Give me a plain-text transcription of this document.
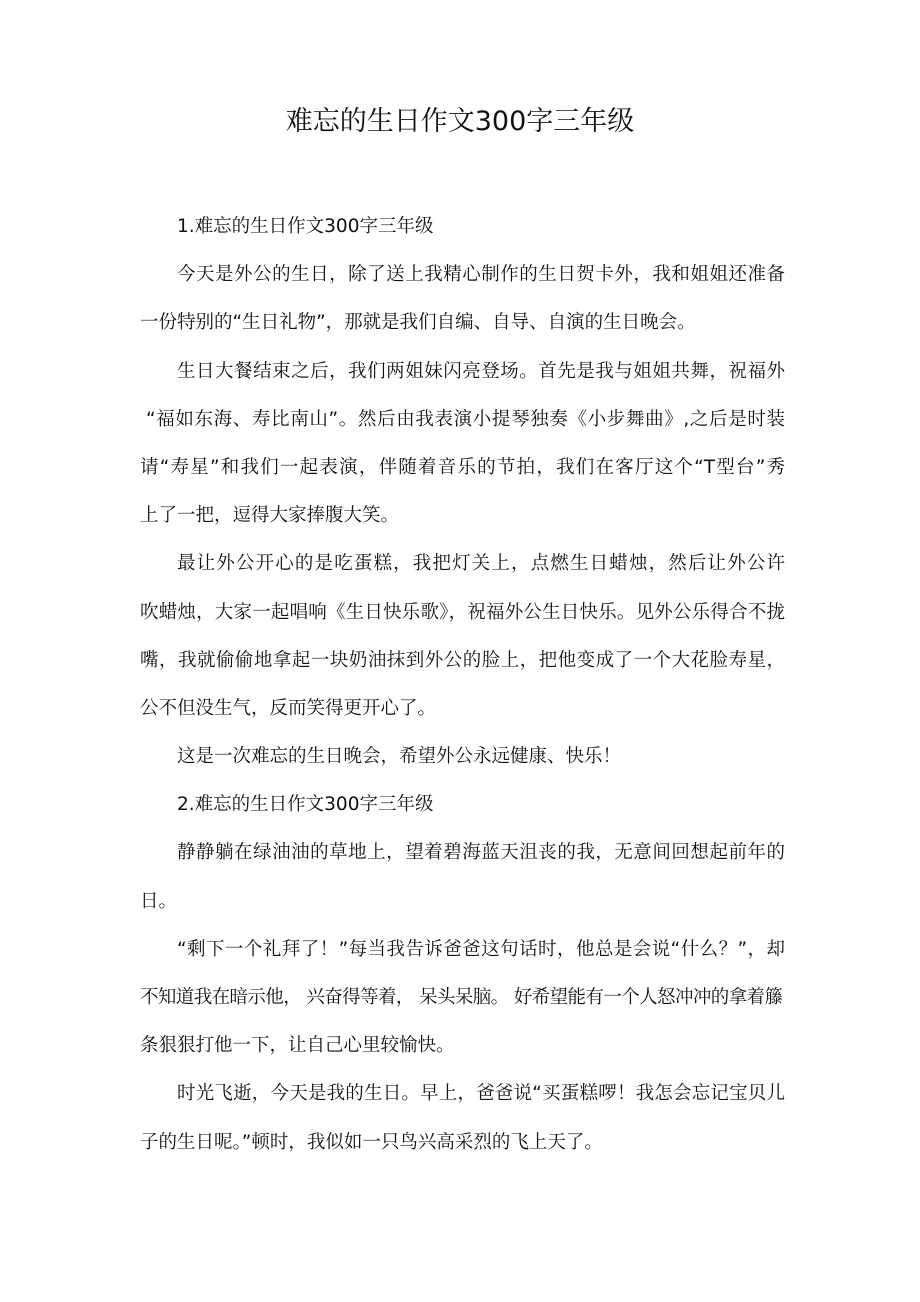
难忘的生日作文300字三年级
1.难忘的生日作文300字三年级
今天是外公的生日，除了送上我精心制作的生日贺卡外，我和姐姐还准备
一份特别的“生日礼物”，那就是我们自编、自导、自演的生日晚会。
生日大餐结束之后，我们两姐妹闪亮登场。首先是我与姐姐共舞，祝福外
“福如东海、寿比南山”。然后由我表演小提琴独奏《小步舞曲》,之后是时装
请“寿星”和我们一起表演，伴随着音乐的节拍，我们在客厅这个“T型台”秀
上了一把，逗得大家捧腹大笑。
最让外公开心的是吃蛋糕，我把灯关上，点燃生日蜡烛，然后让外公许
吹蜡烛，大家一起唱响《生日快乐歌》，祝福外公生日快乐。见外公乐得合不拢
嘴，我就偷偷地拿起一块奶油抹到外公的脸上，把他变成了一个大花脸寿星，
公不但没生气，反而笑得更开心了。
这是一次难忘的生日晚会，希望外公永远健康、快乐！
2.难忘的生日作文300字三年级
静静躺在绿油油的草地上，望着碧海蓝天沮丧的我，无意间回想起前年的
日。
“剩下一个礼拜了！”每当我告诉爸爸这句话时，他总是会说“什么？”，却
不知道我在暗示他， 兴奋得等着， 呆头呆脑。 好希望能有一个人怒冲冲的拿着籐
条狠狠打他一下，让自己心里较愉快。
时光飞逝，今天是我的生日。早上，爸爸说“买蛋糕啰！我怎会忘记宝贝儿
子的生日呢。”顿时，我似如一只鸟兴高采烈的飞上天了。
